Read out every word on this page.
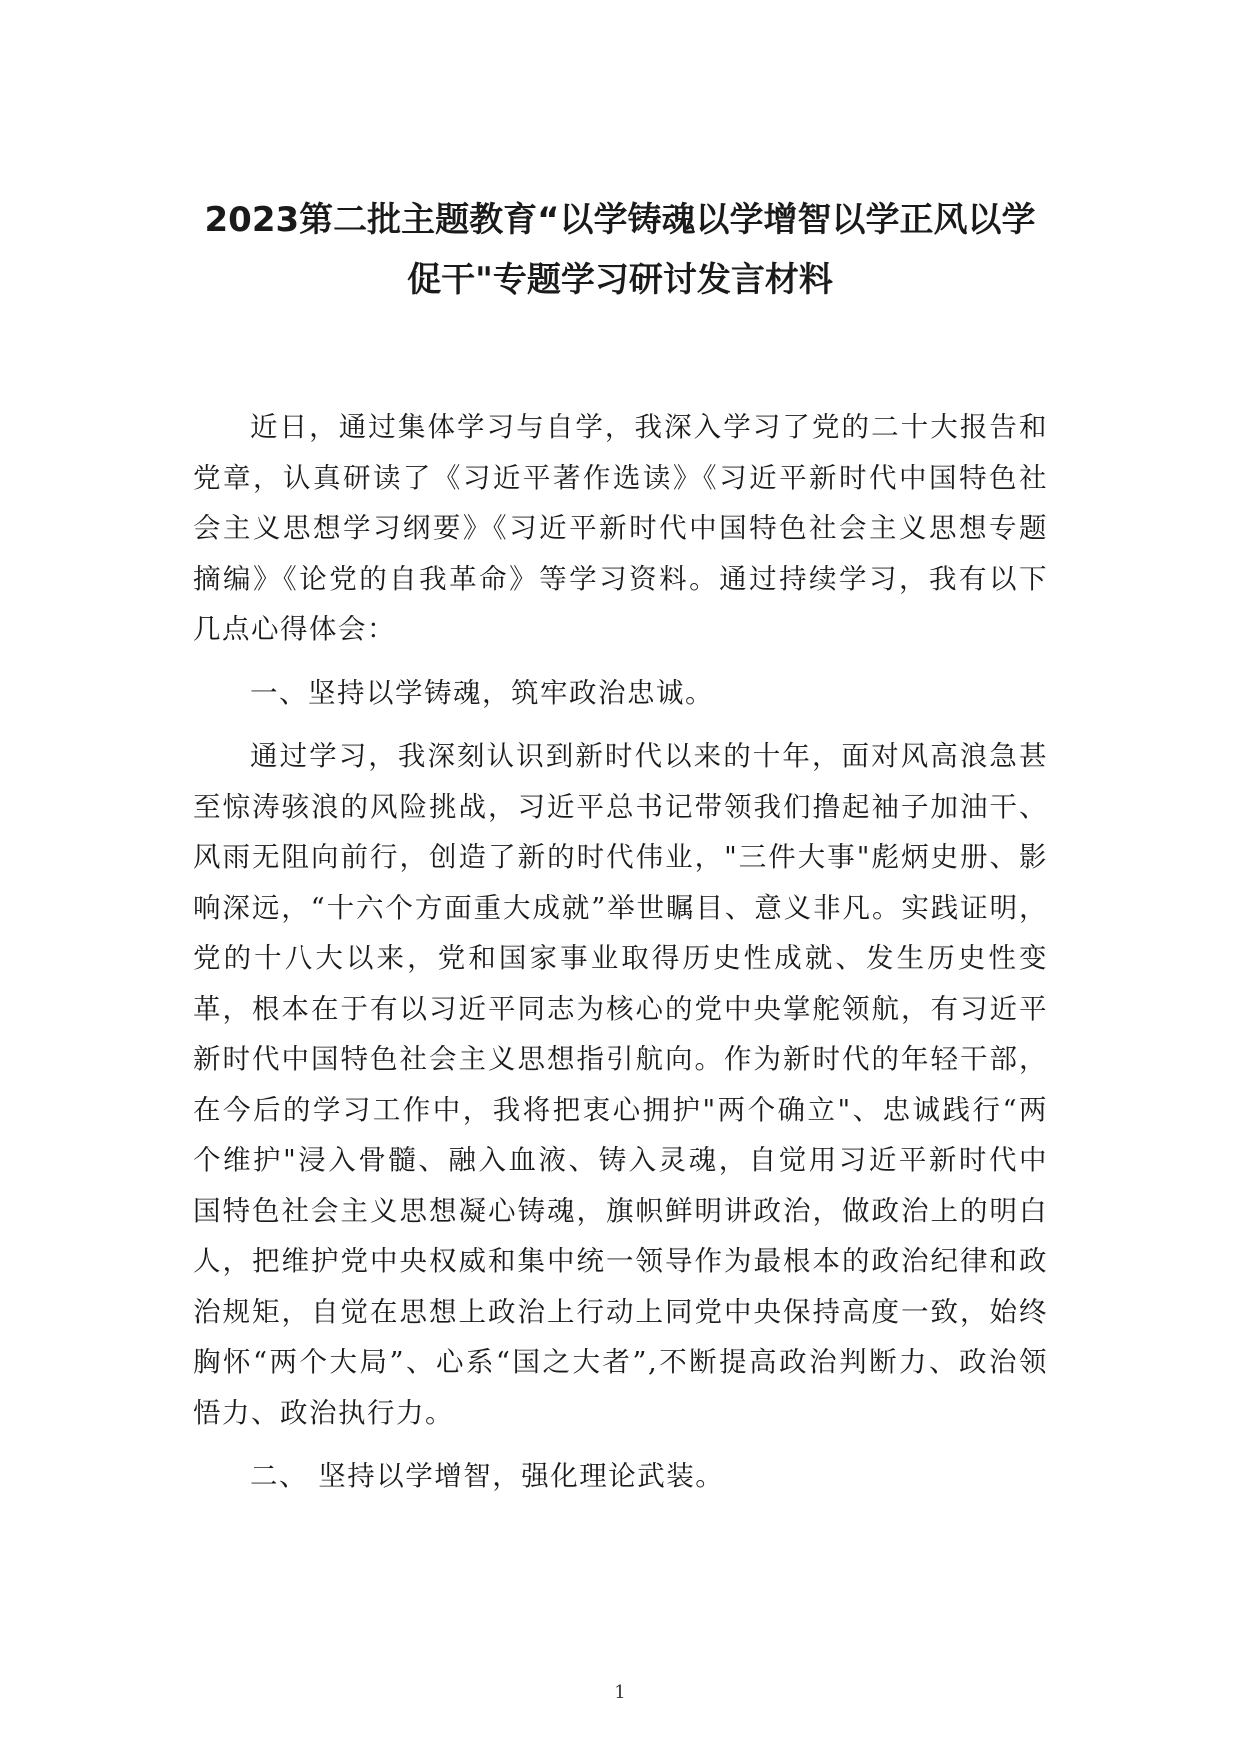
2023第二批主题教育“以学铸魂以学增智以学正风以学
促干"专题学习研讨发言材料

近日，通过集体学习与自学，我深入学习了党的二十大报告和党章，认真研读了《习近平著作选读》《习近平新时代中国特色社会主义思想学习纲要》《习近平新时代中国特色社会主义思想专题摘编》《论党的自我革命》等学习资料。通过持续学习，我有以下几点心得体会：

一、坚持以学铸魂，筑牢政治忠诚。

通过学习，我深刻认识到新时代以来的十年，面对风高浪急甚至惊涛骇浪的风险挑战，习近平总书记带领我们撸起袖子加油干、风雨无阻向前行，创造了新的时代伟业，"三件大事"彪炳史册、影响深远，“十六个方面重大成就”举世瞩目、意义非凡。实践证明，党的十八大以来，党和国家事业取得历史性成就、发生历史性变革，根本在于有以习近平同志为核心的党中央掌舵领航，有习近平新时代中国特色社会主义思想指引航向。作为新时代的年轻干部，在今后的学习工作中，我将把衷心拥护"两个确立"、忠诚践行“两个维护"浸入骨髓、融入血液、铸入灵魂，自觉用习近平新时代中国特色社会主义思想凝心铸魂，旗帜鲜明讲政治，做政治上的明白人，把维护党中央权威和集中统一领导作为最根本的政治纪律和政治规矩，自觉在思想上政治上行动上同党中央保持高度一致，始终胸怀“两个大局”、心系“国之大者”,不断提高政治判断力、政治领悟力、政治执行力。

二、 坚持以学增智，强化理论武装。

1
